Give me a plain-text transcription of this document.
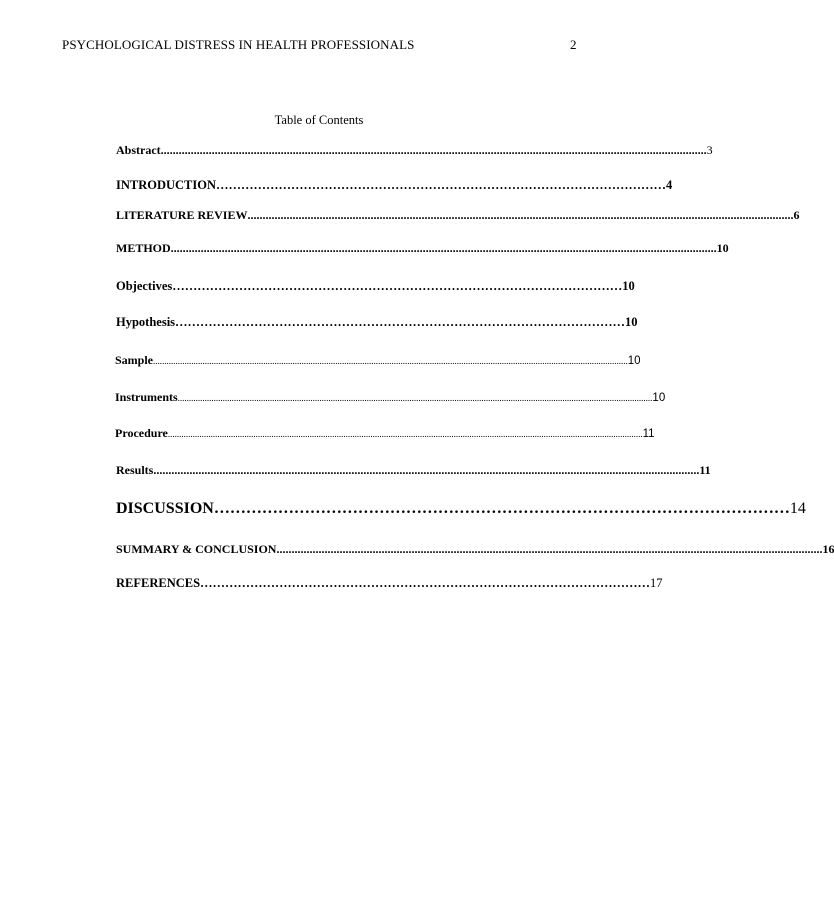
PSYCHOLOGICAL DISTRESS IN HEALTH PROFESSIONALS	2
Table of Contents
Abstract ...................................................................................................................................................................................... 3
INTRODUCTION ……………………………………………………………………………………………… 4
LITERATURE REVIEW ...................................................................................................................................................................................... 6
METHOD ...................................................................................................................................................................................... 10
Objectives ……………………………………………………………………………………………… 10
Hypothesis ……………………………………………………………………………………………… 10
Sample ................................................................................................................................................................................................................... 10
Instruments ................................................................................................................................................................................................................... 10
Procedure ................................................................................................................................................................................................................... 11
Results ...................................................................................................................................................................................... 11
DISCUSSION ……………………………………………………………………………………………… 14
SUMMARY & CONCLUSION ...................................................................................................................................................................................... 16
REFERENCES ……………………………………………………………………………………………… 17
